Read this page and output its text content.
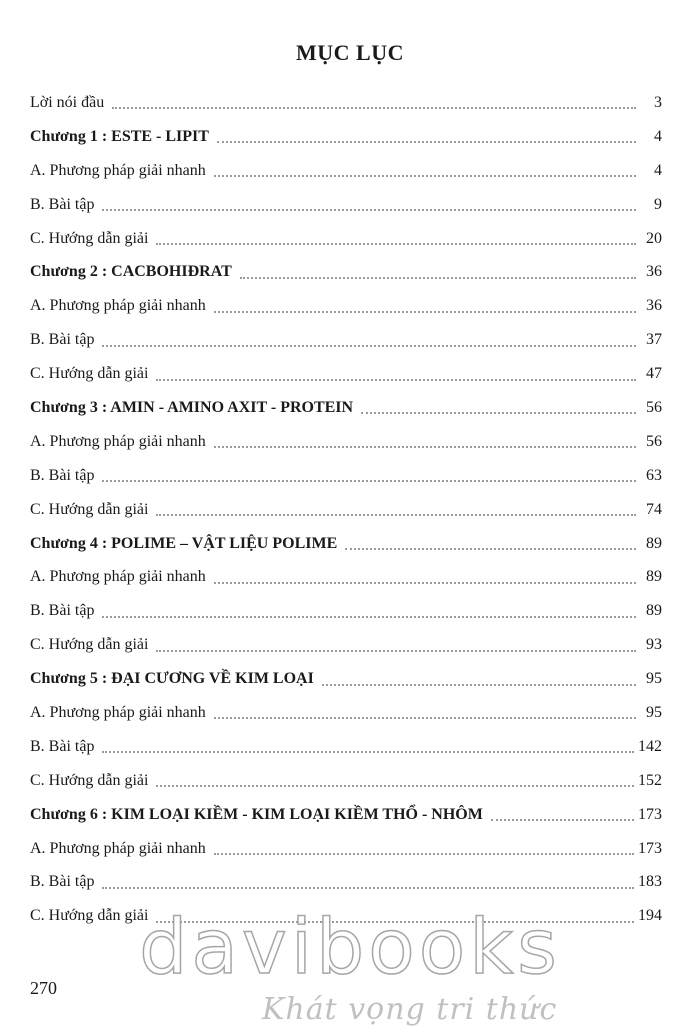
MỤC LỤC
Lời nói đầu	3
Chương 1 : ESTE - LIPIT	4
A. Phương pháp giải nhanh	4
B. Bài tập	9
C. Hướng dẫn giải	20
Chương 2 : CACBOHIĐRAT	36
A. Phương pháp giải nhanh	36
B. Bài tập	37
C. Hướng dẫn giải	47
Chương 3 : AMIN - AMINO AXIT - PROTEIN	56
A. Phương pháp giải nhanh	56
B. Bài tập	63
C. Hướng dẫn giải	74
Chương 4 : POLIME – VẬT LIỆU POLIME	89
A. Phương pháp giải nhanh	89
B. Bài tập	89
C. Hướng dẫn giải	93
Chương 5 : ĐẠI CƯƠNG VỀ KIM LOẠI	95
A. Phương pháp giải nhanh	95
B. Bài tập	142
C. Hướng dẫn giải	152
Chương 6 : KIM LOẠI KIỀM - KIM LOẠI KIỀM THỔ - NHÔM	173
A. Phương pháp giải nhanh	173
B. Bài tập	183
C. Hướng dẫn giải	194
270	davibooks
Khát vọng tri thức
